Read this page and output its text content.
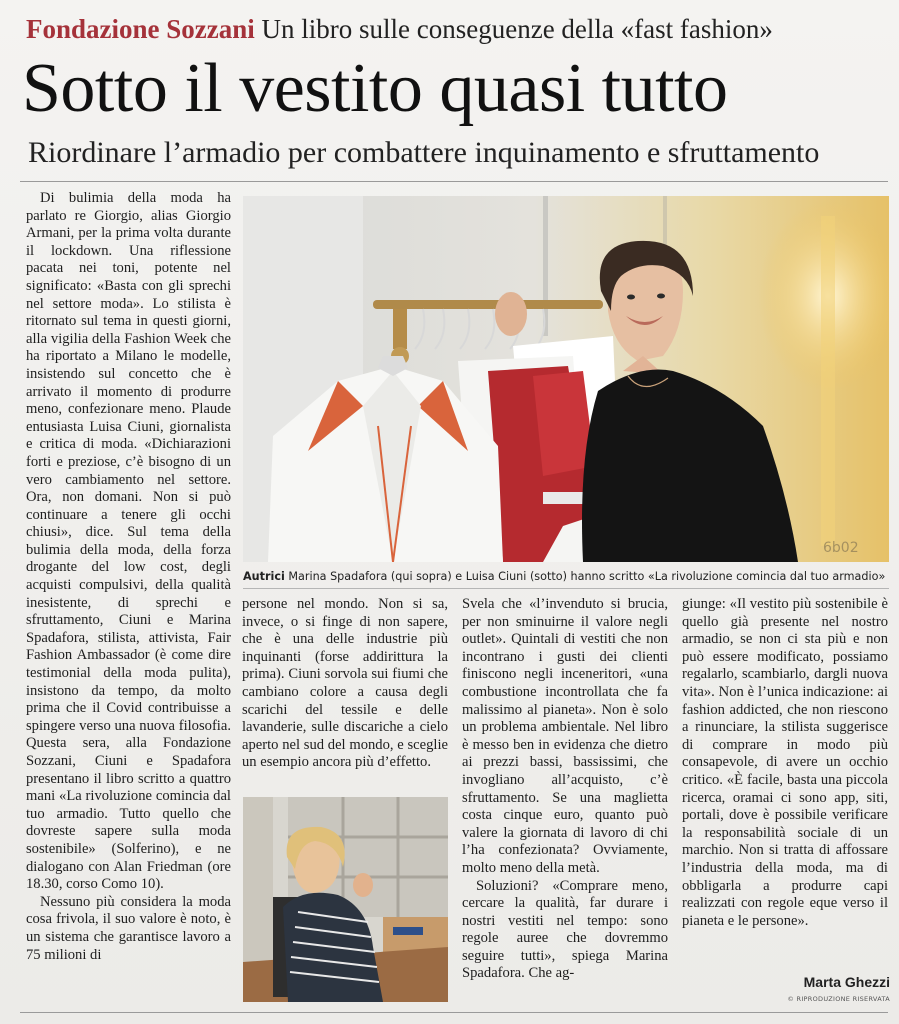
Fondazione Sozzani Un libro sulle conseguenze della «fast fashion»
Sotto il vestito quasi tutto
Riordinare l’armadio per combattere inquinamento e sfruttamento

Di bulimia della moda ha parlato re Giorgio, alias Giorgio Armani, per la prima volta durante il lockdown. Una riflessione pacata nei toni, potente nel significato: «Basta con gli sprechi nel settore moda». Lo stilista è ritornato sul tema in questi giorni, alla vigilia della Fashion Week che ha riportato a Milano le modelle, insistendo sul concetto che è arrivato il momento di produrre meno, confezionare meno. Plaude entusiasta Luisa Ciuni, giornalista e critica di moda. «Dichiarazioni forti e preziose, c’è bisogno di un vero cambiamento nel settore. Ora, non domani. Non si può continuare a tenere gli occhi chiusi», dice. Sul tema della bulimia della moda, della forza drogante del low cost, degli acquisti compulsivi, della qualità inesistente, di sprechi e sfruttamento, Ciuni e Marina Spadafora, stilista, attivista, Fair Fashion Ambassador (è come dire testimonial della moda pulita), insistono da tempo, da molto prima che il Covid contribuisse a spingere verso una nuova filosofia. Questa sera, alla Fondazione Sozzani, Ciuni e Spadafora presentano il libro scritto a quattro mani «La rivoluzione comincia dal tuo armadio. Tutto quello che dovreste sapere sulla moda sostenibile» (Solferino), e ne dialogano con Alan Friedman (ore 18.30, corso Como 10).

Nessuno più considera la moda cosa frivola, il suo valore è noto, è un sistema che garantisce lavoro a 75 milioni di

6b02
Autrici Marina Spadafora (qui sopra) e Luisa Ciuni (sotto) hanno scritto «La rivoluzione comincia dal tuo armadio»

persone nel mondo. Non si sa, invece, o si finge di non sapere, che è una delle industrie più inquinanti (forse addirittura la prima). Ciuni sorvola sui fiumi che cambiano colore a causa degli scarichi del tessile e delle lavanderie, sulle discariche a cielo aperto nel sud del mondo, e sceglie un esempio ancora più d’effetto.

Svela che «l’invenduto si brucia, per non sminuirne il valore negli outlet». Quintali di vestiti che non incontrano i gusti dei clienti finiscono negli inceneritori, «una combustione incontrollata che fa malissimo al pianeta». Non è solo un problema ambientale. Nel libro è messo ben in evidenza che dietro ai prezzi bassi, bassissimi, che invogliano all’acquisto, c’è sfruttamento. Se una maglietta costa cinque euro, quanto può valere la giornata di lavoro di chi l’ha confezionata? Ovviamente, molto meno della metà.

Soluzioni? «Comprare meno, cercare la qualità, far durare i nostri vestiti nel tempo: sono regole auree che dovremmo seguire tutti», spiega Marina Spadafora. Che ag-

giunge: «Il vestito più sostenibile è quello già presente nel nostro armadio, se non ci sta più e non può essere modificato, possiamo regalarlo, scambiarlo, dargli nuova vita». Non è l’unica indicazione: ai fashion addicted, che non riescono a rinunciare, la stilista suggerisce di comprare in modo più consapevole, di avere un occhio critico. «È facile, basta una piccola ricerca, oramai ci sono app, siti, portali, dove è possibile verificare la responsabilità sociale di un marchio. Non si tratta di affossare l’industria della moda, ma di obbligarla a produrre capi realizzati con regole eque verso il pianeta e le persone».

Marta Ghezzi
© RIPRODUZIONE RISERVATA
